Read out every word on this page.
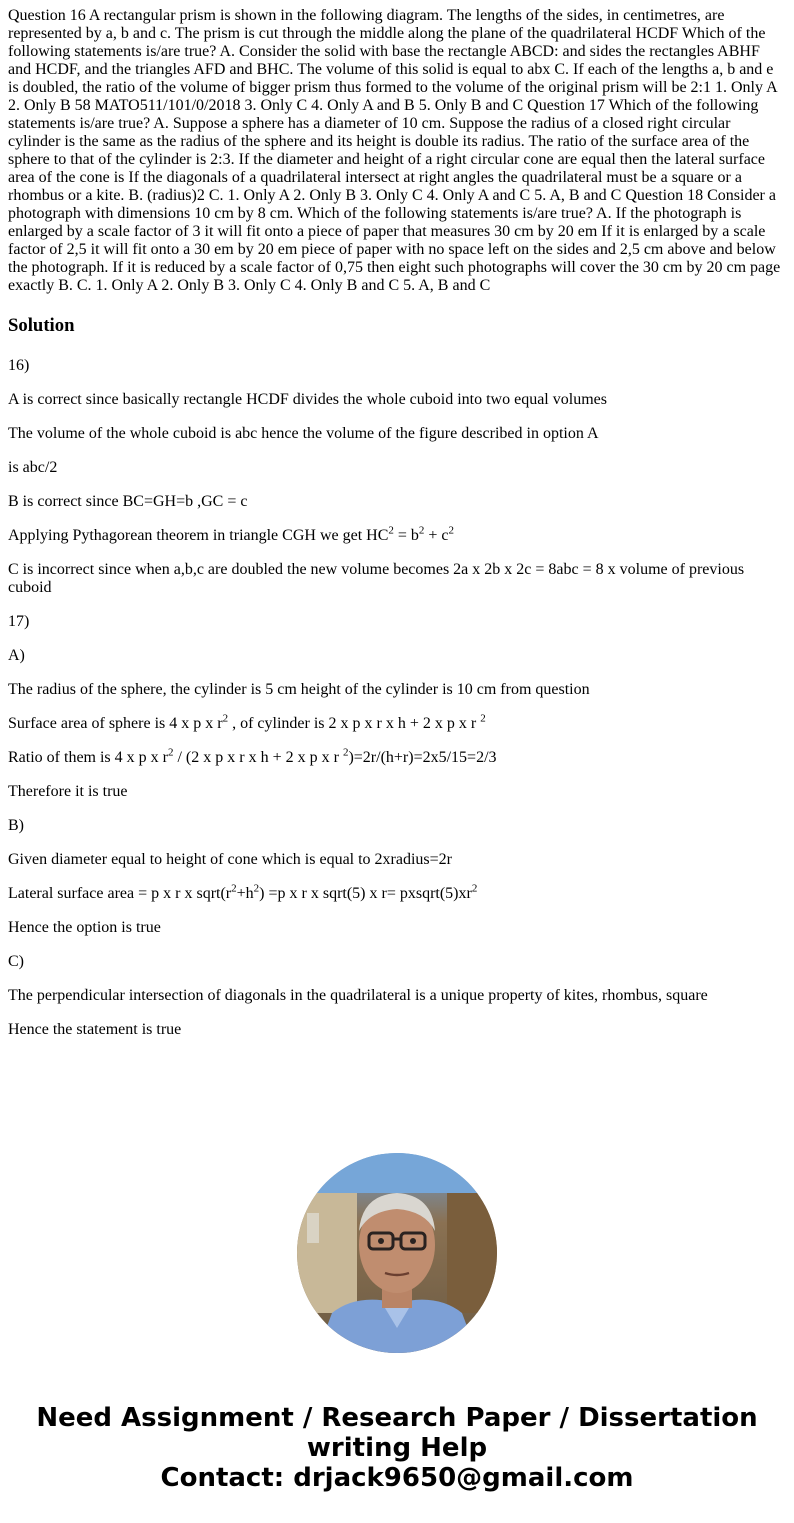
Question 16 A rectangular prism is shown in the following diagram. The lengths of the sides, in centimetres, are represented by a, b and c. The prism is cut through the middle along the plane of the quadrilateral HCDF Which of the following statements is/are true? A. Consider the solid with base the rectangle ABCD: and sides the rectangles ABHF and HCDF, and the triangles AFD and BHC. The volume of this solid is equal to abx C. If each of the lengths a, b and e is doubled, the ratio of the volume of bigger prism thus formed to the volume of the original prism will be 2:1 1. Only A 2. Only B 58 MATO511/101/0/2018 3. Only C 4. Only A and B 5. Only B and C Question 17 Which of the following statements is/are true? A. Suppose a sphere has a diameter of 10 cm. Suppose the radius of a closed right circular cylinder is the same as the radius of the sphere and its height is double its radius. The ratio of the surface area of the sphere to that of the cylinder is 2:3. If the diameter and height of a right circular cone are equal then the lateral surface area of the cone is If the diagonals of a quadrilateral intersect at right angles the quadrilateral must be a square or a rhombus or a kite. B. (radius)2 C. 1. Only A 2. Only B 3. Only C 4. Only A and C 5. A, B and C Question 18 Consider a photograph with dimensions 10 cm by 8 cm. Which of the following statements is/are true? A. If the photograph is enlarged by a scale factor of 3 it will fit onto a piece of paper that measures 30 cm by 20 em If it is enlarged by a scale factor of 2,5 it will fit onto a 30 em by 20 em piece of paper with no space left on the sides and 2,5 cm above and below the photograph. If it is reduced by a scale factor of 0,75 then eight such photographs will cover the 30 cm by 20 cm page exactly B. C. 1. Only A 2. Only B 3. Only C 4. Only B and C 5. A, B and C

Solution

16)

A is correct since basically rectangle HCDF divides the whole cuboid into two equal volumes

The volume of the whole cuboid is abc hence the volume of the figure described in option A

is abc/2

B is correct since BC=GH=b ,GC = c

Applying Pythagorean theorem in triangle CGH we get $HC^2 = b^2 + c^2$

C is incorrect since when a,b,c are doubled the new volume becomes 2a x 2b x 2c = 8abc = 8 x volume of previous cuboid

17)

A)

The radius of the sphere, the cylinder is 5 cm height of the cylinder is 10 cm from question

Surface area of sphere is 4 x p x $r^2$ , of cylinder is 2 x p x r x h + 2 x p x r $^2$

Ratio of them is 4 x p x $r^2 / (2$ x p x r x h + 2 x p x r $^2$)=2r/(h+r)=2x5/15=2/3

Therefore it is true

B)

Given diameter equal to height of cone which is equal to 2xradius=2r

Lateral surface area = p x r x $sqrt(r^2+h^2) =p$ x r x sqrt(5) x $r= pxsqrt(5)xr^2$

Hence the option is true

C)

The perpendicular intersection of diagonals in the quadrilateral is a unique property of kites, rhombus, square

Hence the statement is true

Need Assignment / Research Paper / Dissertation
writing Help
Contact: drjack9650@gmail.com
